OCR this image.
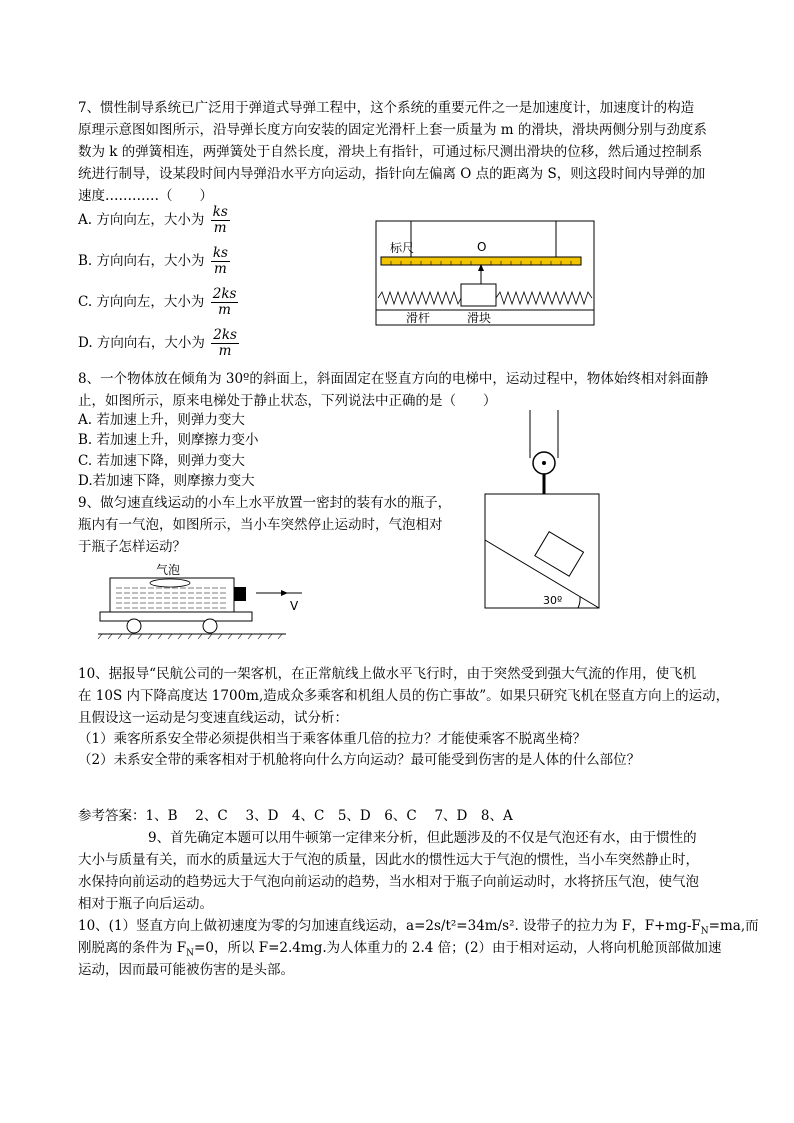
7、惯性制导系统已广泛用于弹道式导弹工程中，这个系统的重要元件之一是加速度计，加速度计的构造
原理示意图如图所示，沿导弹长度方向安装的固定光滑杆上套一质量为 m 的滑块，滑块两侧分别与劲度系
数为 k 的弹簧相连，两弹簧处于自然长度，滑块上有指针，可通过标尺测出滑块的位移，然后通过控制系
统进行制导，设某段时间内导弹沿水平方向运动，指针向左偏离 O 点的距离为 S，则这段时间内导弹的加
速度…………（　　）
A. 方向向左，大小为 $\frac{ks}{m}$
B. 方向向右，大小为 $\frac{ks}{m}$
C. 方向向左，大小为 $\frac{2ks}{m}$
D. 方向向右，大小为 $\frac{2ks}{m}$
标尺	O
滑杆	滑块
8、一个物体放在倾角为 30º的斜面上，斜面固定在竖直方向的电梯中，运动过程中，物体始终相对斜面静
止，如图所示，原来电梯处于静止状态，下列说法中正确的是（　　）
A. 若加速上升，则弹力变大
B. 若加速上升，则摩擦力变小
C. 若加速下降，则弹力变大
D.若加速下降，则摩擦力变大
30º
9、做匀速直线运动的小车上水平放置一密封的装有水的瓶子，
瓶内有一气泡，如图所示，当小车突然停止运动时，气泡相对
于瓶子怎样运动？
气泡
V
10、据报导“民航公司的一架客机，在正常航线上做水平飞行时，由于突然受到强大气流的作用，使飞机
在 10S 内下降高度达 1700m,造成众多乘客和机组人员的伤亡事故”。如果只研究飞机在竖直方向上的运动，
且假设这一运动是匀变速直线运动，试分析：
（1）乘客所系安全带必须提供相当于乘客体重几倍的拉力？才能使乘客不脱离坐椅？
（2）未系安全带的乘客相对于机舱将向什么方向运动？最可能受到伤害的是人体的什么部位？
参考答案：1、B　 2、C　 3、D　4、C　5、D　6、C　 7、D　8、A
9、首先确定本题可以用牛顿第一定律来分析，但此题涉及的不仅是气泡还有水，由于惯性的
大小与质量有关，而水的质量远大于气泡的质量，因此水的惯性远大于气泡的惯性，当小车突然静止时，
水保持向前运动的趋势远大于气泡向前运动的趋势，当水相对于瓶子向前运动时，水将挤压气泡，使气泡
相对于瓶子向后运动。
10、(1）竖直方向上做初速度为零的匀加速直线运动，a=2s/t²=34m/s². 设带子的拉力为 F，$F+mg-F_N=ma$,而
刚脱离的条件为 $F_N=0$，所以 F=2.4mg.为人体重力的 2.4 倍；(2）由于相对运动，人将向机舱顶部做加速
运动，因而最可能被伤害的是头部。
